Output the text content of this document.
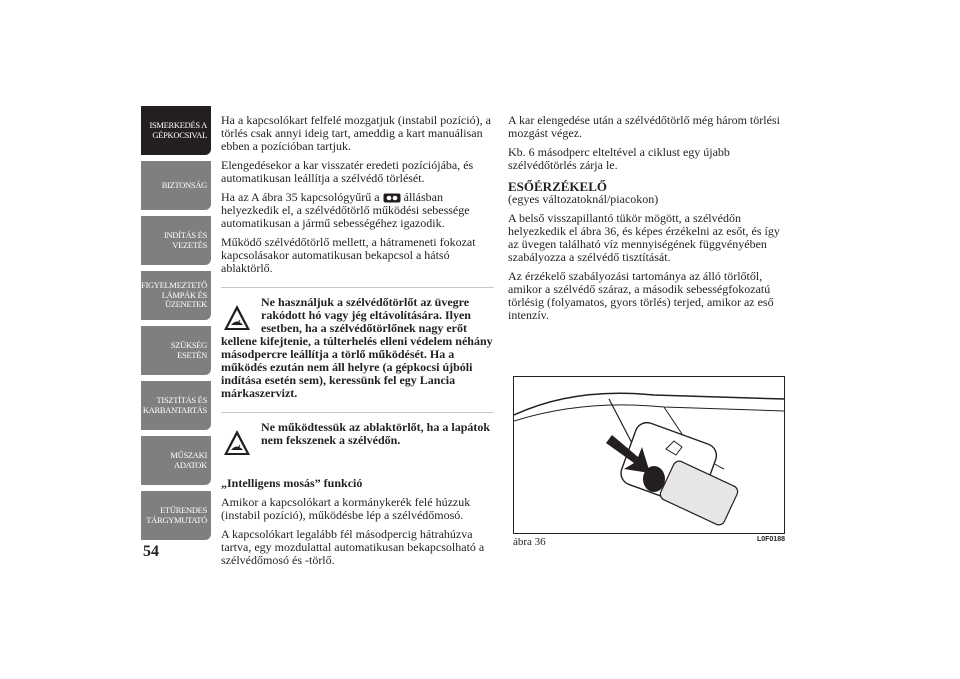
ISMERKEDÉS A GÉPKOCSIVAL
BIZTONSÁG
INDÍTÁS ÉS VEZETÉS
FIGYELMEZTETŐ LÁMPÁK ÉS ÜZENETEK
SZÜKSÉG ESETÉN
TISZTÍTÁS ÉS KARBANTARTÁS
MŰSZAKI ADATOK
ETŰRENDES TÁRGYMUTATÓ
54

Ha a kapcsolókart felfelé mozgatjuk (instabil pozíció), a törlés csak annyi ideig tart, ameddig a kart manuálisan ebben a pozícióban tartjuk.

Elengedésekor a kar visszatér eredeti pozíciójába, és automatikusan leállítja a szélvédő törlését.

Ha az A ábra 35 kapcsológyűrű a állásban helyezkedik el, a szélvédőtörlő működési sebessége automatikusan a jármű sebességéhez igazodik.

Működő szélvédőtörlő mellett, a hátrameneti fokozat kapcsolásakor automatikusan bekapcsol a hátsó ablaktörlő.

Ne használjuk a szélvédőtörlőt az üvegre rakódott hó vagy jég eltávolítására. Ilyen esetben, ha a szélvédőtörlőnek nagy erőt kellene kifejtenie, a túlterhelés elleni védelem néhány másodpercre leállítja a törlő működését. Ha a működés ezután nem áll helyre (a gépkocsi újbóli indítása esetén sem), keressünk fel egy Lancia márkaszervizt.
Ne működtessük az ablaktörlőt, ha a lapátok nem fekszenek a szélvédőn.

„Intelligens mosás” funkció

Amikor a kapcsolókart a kormánykerék felé húzzuk (instabil pozíció), működésbe lép a szélvédőmosó.

A kapcsolókart legalább fél másodpercig hátrahúzva tartva, egy mozdulattal automatikusan bekapcsolható a szélvédőmosó és -törlő.

A kar elengedése után a szélvédőtörlő még három törlési mozgást végez.

Kb. 6 másodperc elteltével a ciklust egy újabb szélvédőtörlés zárja le.

ESŐÉRZÉKELŐ

(egyes változatoknál/piacokon)

A belső visszapillantó tükör mögött, a szélvédőn helyezkedik el ábra 36, és képes érzékelni az esőt, és így az üvegen található víz mennyiségének függvényében szabályozza a szélvédő tisztítását.

Az érzékelő szabályozási tartománya az álló törlőtől, amikor a szélvédő száraz, a második sebességfokozatú törlésig (folyamatos, gyors törlés) terjed, amikor az eső intenzív.

ábra 36	L0F0188
